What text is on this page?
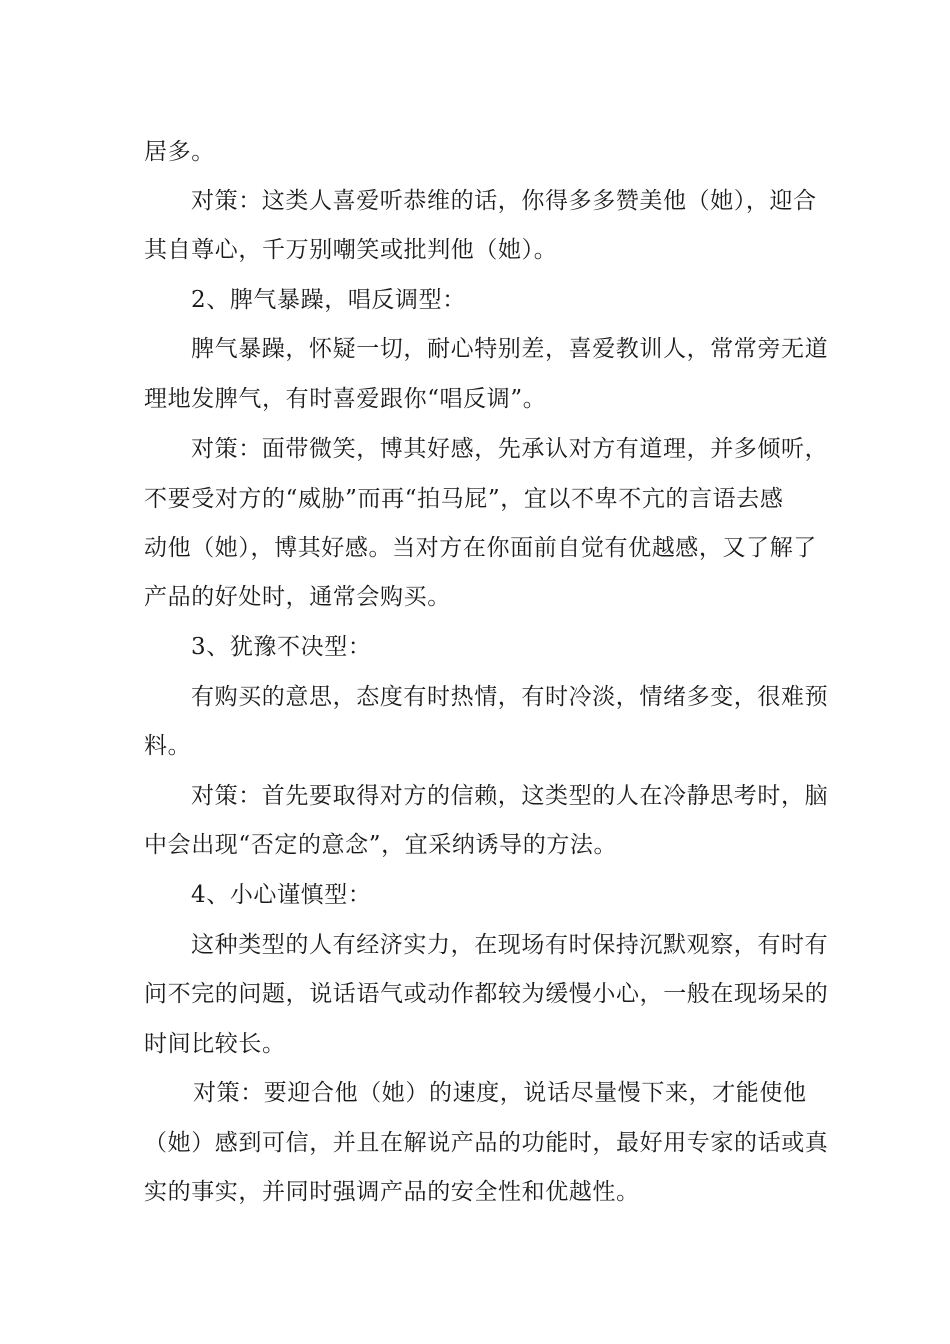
居多。
对策：这类人喜爱听恭维的话，你得多多赞美他（她），迎合
其自尊心，千万别嘲笑或批判他（她）。
2、脾气暴躁，唱反调型：
脾气暴躁，怀疑一切，耐心特别差，喜爱教训人，常常旁无道
理地发脾气，有时喜爱跟你“唱反调”。
对策：面带微笑，博其好感，先承认对方有道理，并多倾听，
不要受对方的“威胁”而再“拍马屁”，宜以不卑不亢的言语去感
动他（她），博其好感。当对方在你面前自觉有优越感，又了解了
产品的好处时，通常会购买。
3、犹豫不决型：
有购买的意思，态度有时热情，有时冷淡，情绪多变，很难预
料。
对策：首先要取得对方的信赖，这类型的人在冷静思考时，脑
中会出现“否定的意念”，宜采纳诱导的方法。
4、小心谨慎型：
这种类型的人有经济实力，在现场有时保持沉默观察，有时有
问不完的问题，说话语气或动作都较为缓慢小心，一般在现场呆的
时间比较长。
对策：要迎合他（她）的速度，说话尽量慢下来，才能使他
（她）感到可信，并且在解说产品的功能时，最好用专家的话或真
实的事实，并同时强调产品的安全性和优越性。
